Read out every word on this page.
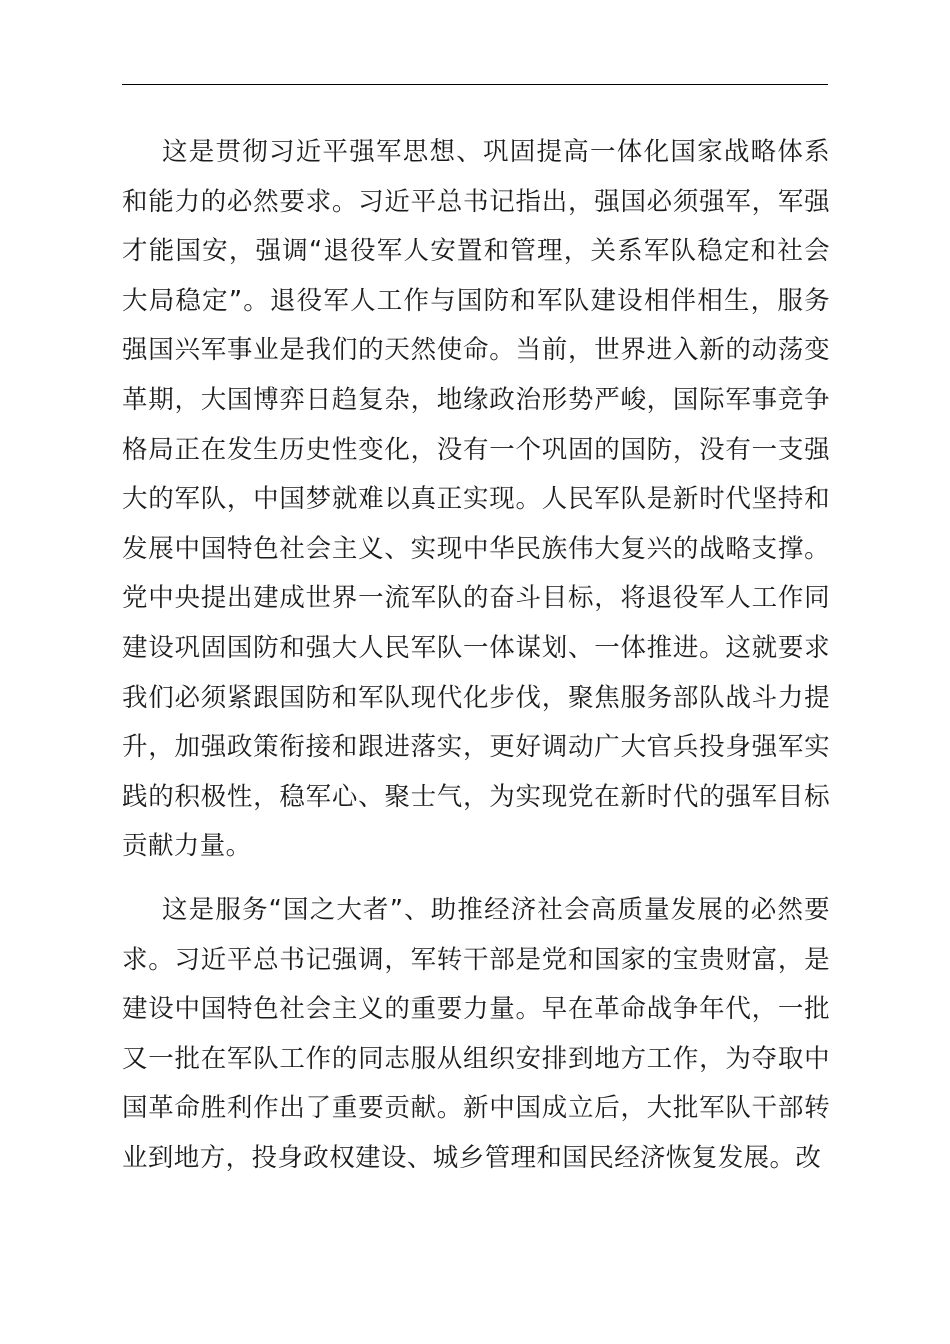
这是贯彻习近平强军思想、巩固提高一体化国家战略体系和能力的必然要求。习近平总书记指出，强国必须强军，军强才能国安，强调“退役军人安置和管理，关系军队稳定和社会大局稳定”。退役军人工作与国防和军队建设相伴相生，服务强国兴军事业是我们的天然使命。当前，世界进入新的动荡变革期，大国博弈日趋复杂，地缘政治形势严峻，国际军事竞争格局正在发生历史性变化，没有一个巩固的国防，没有一支强大的军队，中国梦就难以真正实现。人民军队是新时代坚持和发展中国特色社会主义、实现中华民族伟大复兴的战略支撑。党中央提出建成世界一流军队的奋斗目标，将退役军人工作同建设巩固国防和强大人民军队一体谋划、一体推进。这就要求我们必须紧跟国防和军队现代化步伐，聚焦服务部队战斗力提升，加强政策衔接和跟进落实，更好调动广大官兵投身强军实践的积极性，稳军心、聚士气，为实现党在新时代的强军目标贡献力量。

这是服务“国之大者”、助推经济社会高质量发展的必然要求。习近平总书记强调，军转干部是党和国家的宝贵财富，是建设中国特色社会主义的重要力量。早在革命战争年代，一批又一批在军队工作的同志服从组织安排到地方工作，为夺取中国革命胜利作出了重要贡献。新中国成立后，大批军队干部转业到地方，投身政权建设、城乡管理和国民经济恢复发展。改
